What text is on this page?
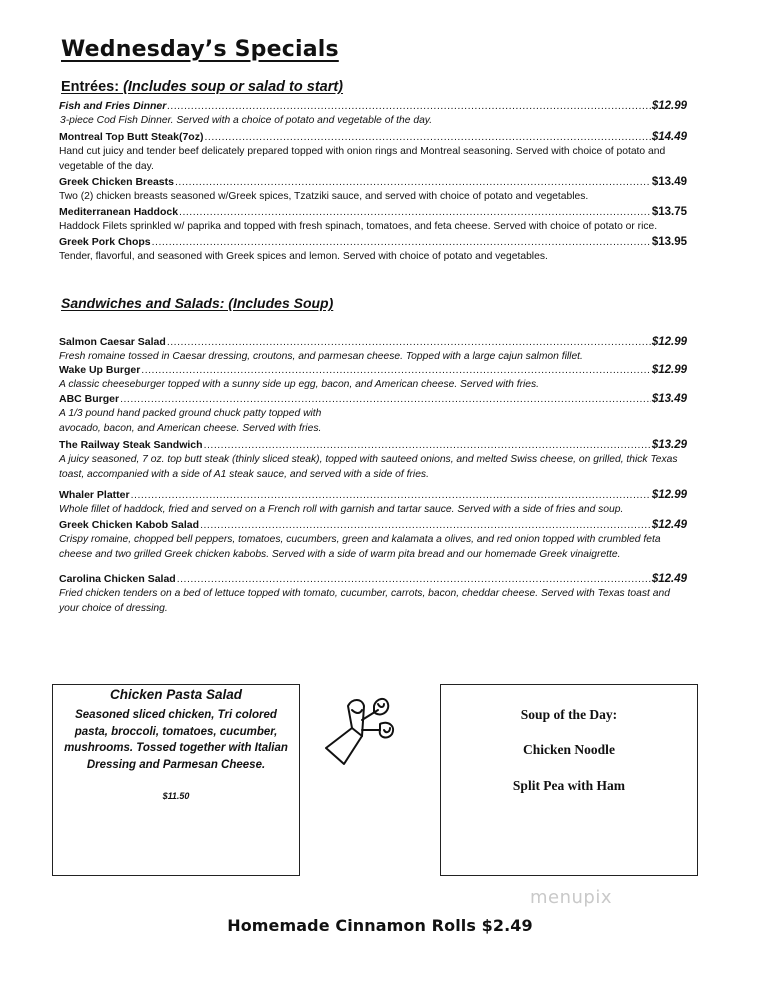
Wednesday’s Specials
Entrées: (Includes soup or salad to start)
Fish and Fries Dinner .....	$12.99
3-piece Cod Fish Dinner. Served with a choice of potato and vegetable of the day.
Montreal Top Butt Steak(7oz) .....	$14.49
Hand cut juicy and tender beef delicately prepared topped with onion rings and Montreal seasoning. Served with choice of potato and vegetable of the day.
Greek Chicken Breasts .....	$13.49
Two (2) chicken breasts seasoned w/Greek spices, Tzatziki sauce, and served with choice of potato and vegetables.
Mediterranean Haddock .....	$13.75
Haddock Filets sprinkled w/ paprika and topped with fresh spinach, tomatoes, and feta cheese. Served with choice of potato or rice.
Greek Pork Chops .....	$13.95
Tender, flavorful, and seasoned with Greek spices and lemon. Served with choice of potato and vegetables.
Sandwiches and Salads: (Includes Soup)
Salmon Caesar Salad .....	$12.99
Fresh romaine tossed in Caesar dressing, croutons, and parmesan cheese. Topped with a large cajun salmon fillet.
Wake Up Burger .....	$12.99
A classic cheeseburger topped with a sunny side up egg, bacon, and American cheese. Served with fries.
ABC Burger .....	$13.49
A 1/3 pound hand packed ground chuck patty topped with avocado, bacon, and American cheese. Served with fries.
The Railway Steak Sandwich .....	$13.29
A juicy seasoned, 7 oz. top butt steak (thinly sliced steak), topped with sauteed onions, and melted Swiss cheese, on grilled, thick Texas toast, accompanied with a side of A1 steak sauce, and served with a side of fries.
Whaler Platter .....	$12.99
Whole fillet of haddock, fried and served on a French roll with garnish and tartar sauce. Served with a side of fries and soup.
Greek Chicken Kabob Salad .....	$12.49
Crispy romaine, chopped bell peppers, tomatoes, cucumbers, green and kalamata a olives, and red onion topped with crumbled feta cheese and two grilled Greek chicken kabobs. Served with a side of warm pita bread and our homemade Greek vinaigrette.
Carolina Chicken Salad .....	$12.49
Fried chicken tenders on a bed of lettuce topped with tomato, cucumber, carrots, bacon, cheddar cheese. Served with Texas toast and your choice of dressing.
Chicken Pasta Salad
Seasoned sliced chicken, Tri colored pasta, broccoli, tomatoes, cucumber, mushrooms. Tossed together with Italian Dressing and Parmesan Cheese.
$11.50
Soup of the Day:
Chicken Noodle
Split Pea with Ham
menupix
Homemade Cinnamon Rolls $2.49
